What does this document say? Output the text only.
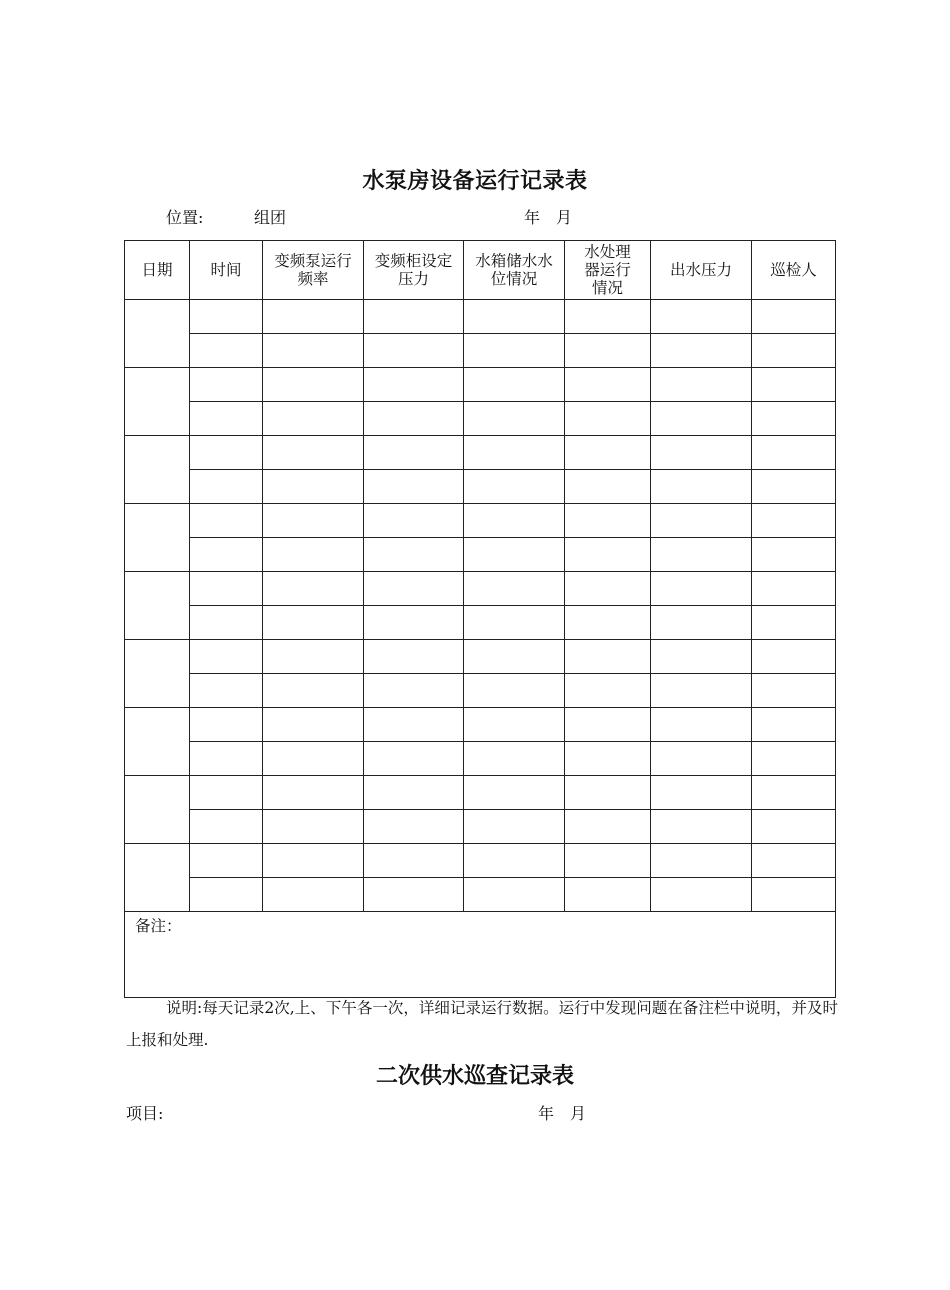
水泵房设备运行记录表
位置:	组团	年　月
日期	时间	变频泵运行频率	变频柜设定压力	水箱储水水位情况	水处理器运行情况	出水压力	巡检人

备注：							
说明:每天记录2次,上、下午各一次，详细记录运行数据。运行中发现问题在备注栏中说明，并及时上报和处理.
二次供水巡查记录表
项目:	年　月
